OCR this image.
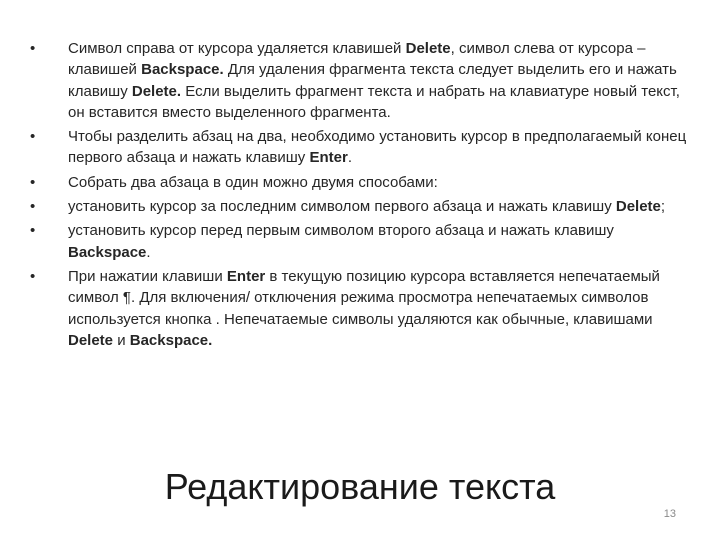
• Символ справа от курсора удаляется клавишей Delete, символ слева от курсора – клавишей Backspace. Для удаления фрагмента текста следует выделить его и нажать клавишу Delete. Если выделить фрагмент текста и набрать на клавиатуре новый текст, он вставится вместо выделенного фрагмента.
• Чтобы разделить абзац на два, необходимо установить курсор в предполагаемый конец первого абзаца и нажать клавишу Enter.
• Собрать два абзаца в один можно двумя способами:
• установить курсор за последним символом первого абзаца и нажать клавишу Delete;
• установить курсор перед первым символом второго абзаца и нажать клавишу Backspace.
• При нажатии клавиши Enter в текущую позицию курсора вставляется непечатаемый символ ¶. Для включения/ отключения режима просмотра непечатаемых символов используется кнопка . Непечатаемые символы удаляются как обычные, клавишами Delete и Backspace.
Редактирование текста
13
